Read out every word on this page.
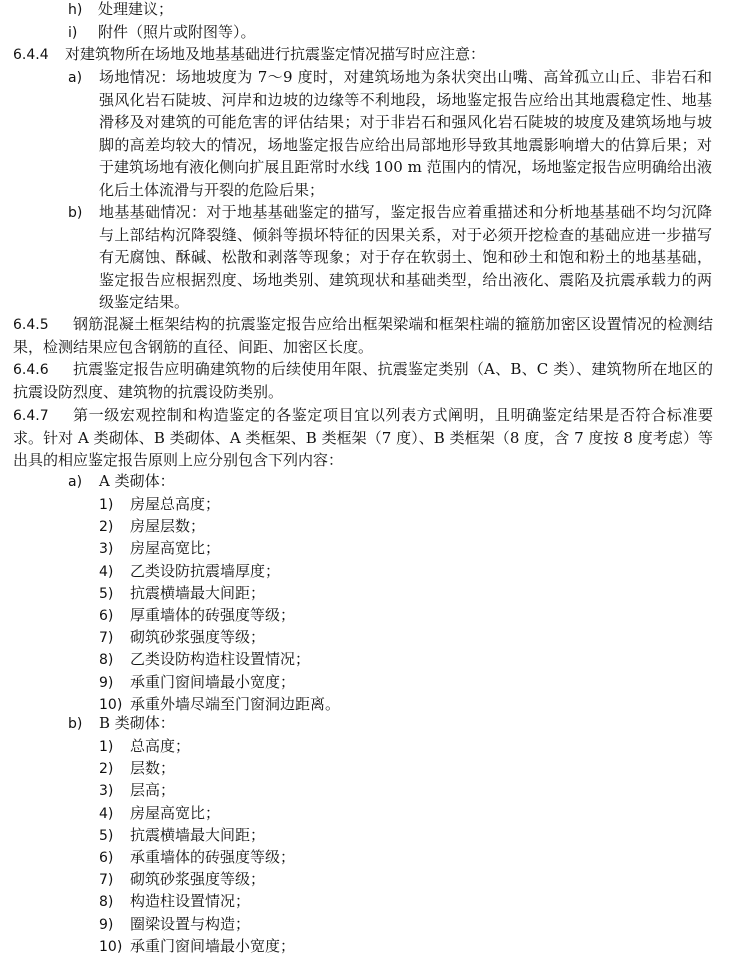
h) 处理建议；
i) 附件（照片或附图等）。
6.4.4 对建筑物所在场地及地基基础进行抗震鉴定情况描写时应注意：
a) 场地情况：场地坡度为 7～9 度时，对建筑场地为条状突出山嘴、高耸孤立山丘、非岩石和强风化岩石陡坡、河岸和边坡的边缘等不利地段，场地鉴定报告应给出其地震稳定性、地基滑移及对建筑的可能危害的评估结果；对于非岩石和强风化岩石陡坡的坡度及建筑场地与坡脚的高差均较大的情况，场地鉴定报告应给出局部地形导致其地震影响增大的估算后果；对于建筑场地有液化侧向扩展且距常时水线 100 m 范围内的情况，场地鉴定报告应明确给出液化后土体流滑与开裂的危险后果；
b) 地基基础情况：对于地基基础鉴定的描写，鉴定报告应着重描述和分析地基基础不均匀沉降与上部结构沉降裂缝、倾斜等损坏特征的因果关系，对于必须开挖检查的基础应进一步描写有无腐蚀、酥碱、松散和剥落等现象；对于存在软弱土、饱和砂土和饱和粉土的地基基础，鉴定报告应根据烈度、场地类别、建筑现状和基础类型，给出液化、震陷及抗震承载力的两级鉴定结果。
6.4.5	钢筋混凝土框架结构的抗震鉴定报告应给出框架梁端和框架柱端的箍筋加密区设置情况的检测结果，检测结果应包含钢筋的直径、间距、加密区长度。
6.4.6	抗震鉴定报告应明确建筑物的后续使用年限、抗震鉴定类别（A、B、C 类）、建筑物所在地区的抗震设防烈度、建筑物的抗震设防类别。
6.4.7	第一级宏观控制和构造鉴定的各鉴定项目宜以列表方式阐明，且明确鉴定结果是否符合标准要求。针对 A 类砌体、B 类砌体、A 类框架、B 类框架（7 度）、B 类框架（8 度，含 7 度按 8 度考虑）等出具的相应鉴定报告原则上应分别包含下列内容：
a) A 类砌体：
1) 房屋总高度；
2) 房屋层数；
3) 房屋高宽比；
4) 乙类设防抗震墙厚度；
5) 抗震横墙最大间距；
6) 厚重墙体的砖强度等级；
7) 砌筑砂浆强度等级；
8) 乙类设防构造柱设置情况；
9) 承重门窗间墙最小宽度；
10) 承重外墙尽端至门窗洞边距离。
b) B 类砌体：
1) 总高度；
2) 层数；
3) 层高；
4) 房屋高宽比；
5) 抗震横墙最大间距；
6) 承重墙体的砖强度等级；
7) 砌筑砂浆强度等级；
8) 构造柱设置情况；
9) 圈梁设置与构造；
10) 承重门窗间墙最小宽度；
